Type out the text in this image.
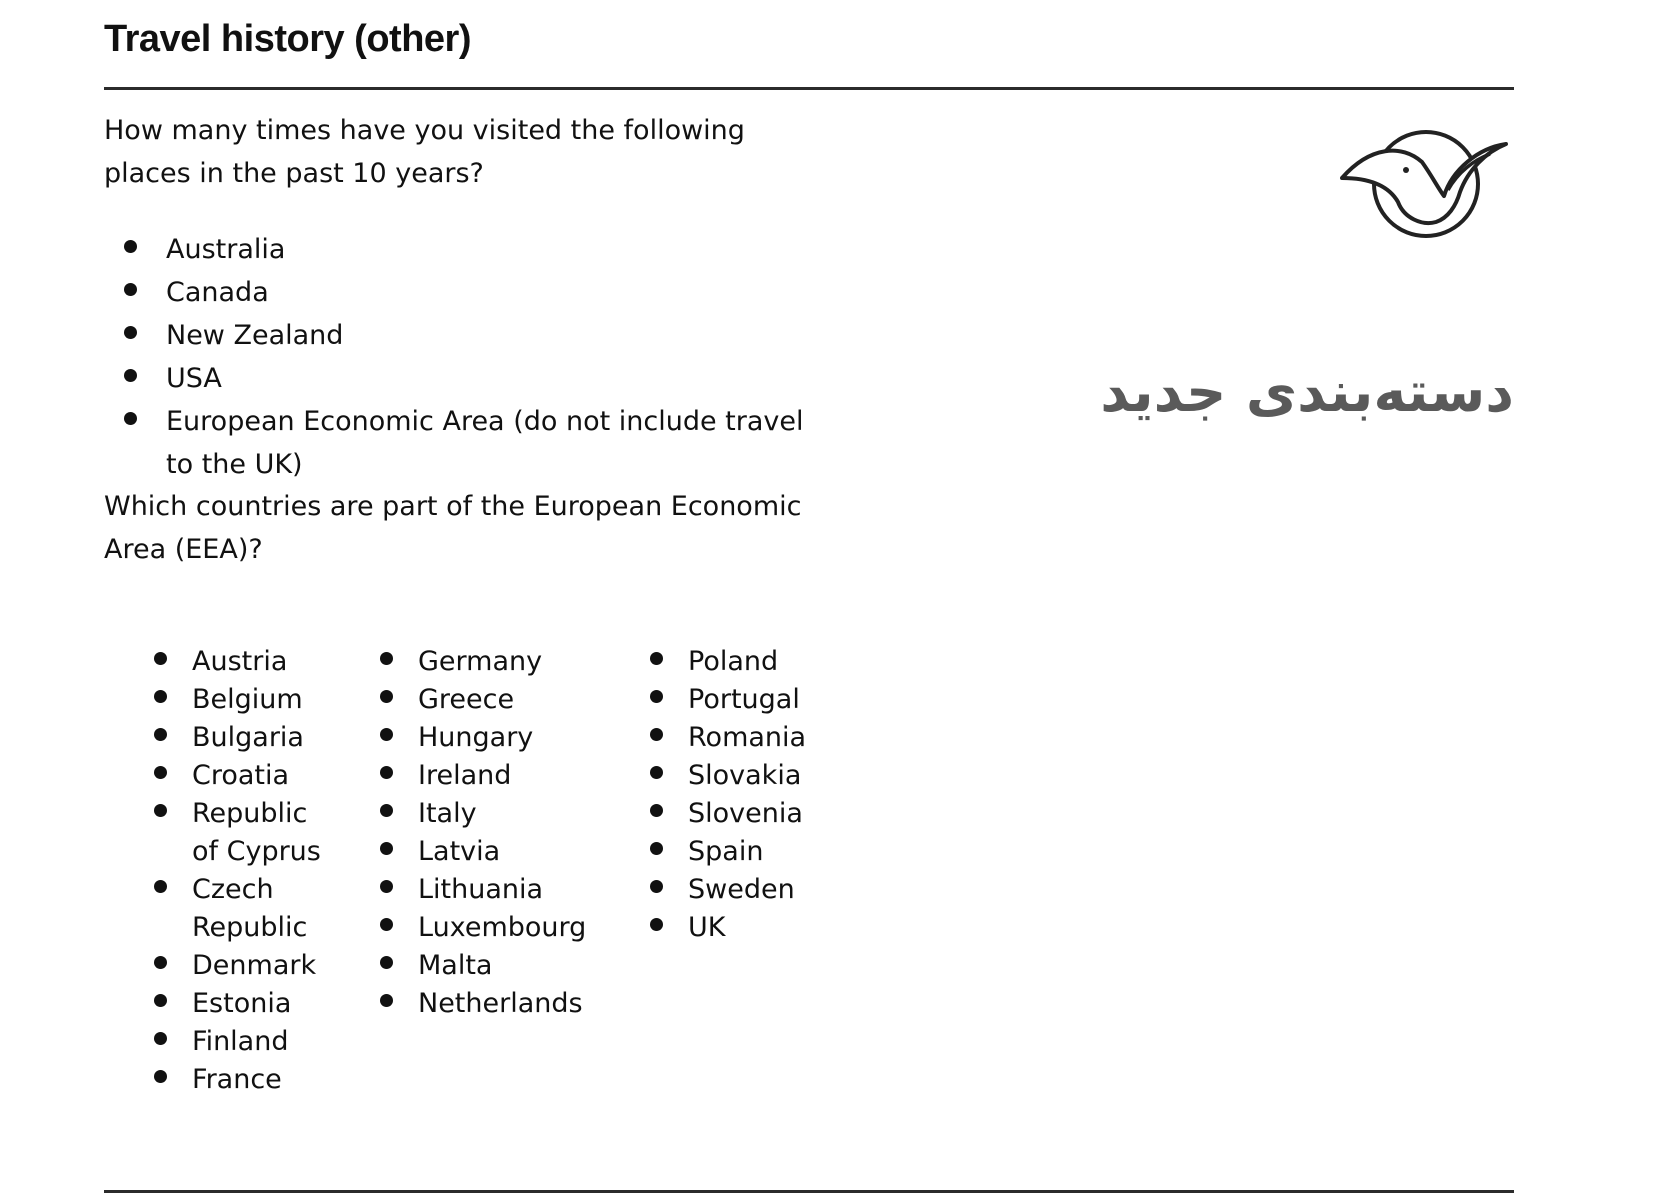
Travel history (other)

How many times have you visited the following places in the past 10 years?

Australia
Canada
New Zealand
USA
European Economic Area (do not include travel to the UK)

Which countries are part of the European Economic Area (EEA)?

Austria
Belgium
Bulgaria
Croatia
Republic of Cyprus
Czech Republic
Denmark
Estonia
Finland
France
Germany
Greece
Hungary
Ireland
Italy
Latvia
Lithuania
Luxembourg
Malta
Netherlands
Poland
Portugal
Romania
Slovakia
Slovenia
Spain
Sweden
UK
دسته‌بندی جدید
